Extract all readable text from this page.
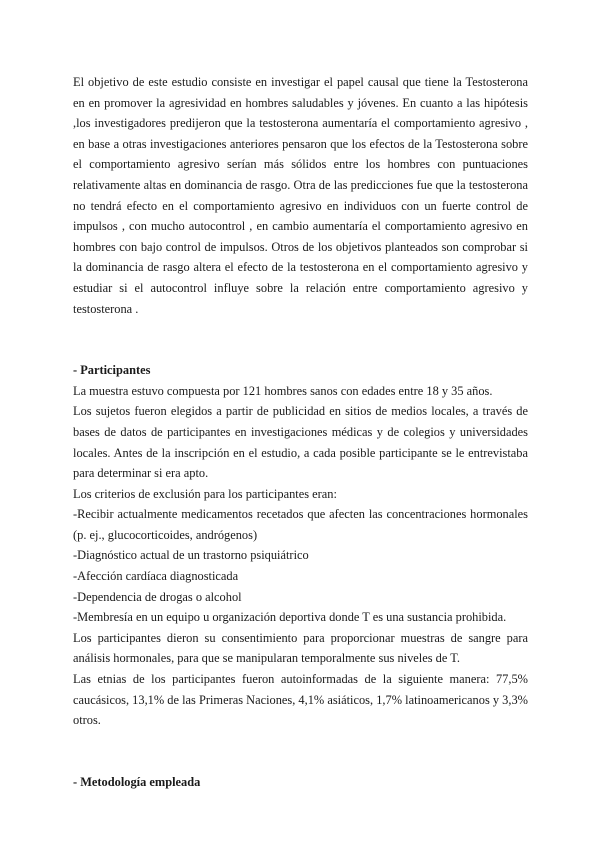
El objetivo de este estudio consiste en investigar el papel causal que tiene la Testosterona en en promover la agresividad en hombres saludables y jóvenes. En cuanto a las hipótesis ,los investigadores predijeron que la testosterona aumentaría el comportamiento agresivo , en base a otras investigaciones anteriores pensaron que los efectos de la Testosterona sobre el comportamiento agresivo serían más sólidos entre los hombres con puntuaciones relativamente altas en dominancia de rasgo. Otra de las predicciones fue que la testosterona no tendrá efecto en el comportamiento agresivo en individuos con un fuerte control de impulsos , con mucho autocontrol , en cambio aumentaría el comportamiento agresivo en hombres con bajo control de impulsos. Otros de los objetivos planteados son comprobar si la dominancia de rasgo altera el efecto de la testosterona en el comportamiento agresivo y estudiar si el autocontrol influye sobre la relación entre comportamiento agresivo y testosterona .

- Participantes

La muestra estuvo compuesta por 121 hombres sanos con edades entre 18 y 35 años.

Los sujetos fueron elegidos a partir de publicidad en sitios de medios locales, a través de bases de datos de participantes en investigaciones médicas y de colegios y universidades locales. Antes de la inscripción en el estudio, a cada posible participante se le entrevistaba para determinar si era apto.

Los criterios de exclusión para los participantes eran:

-Recibir actualmente medicamentos recetados que afecten las concentraciones hormonales (p. ej., glucocorticoides, andrógenos)

-Diagnóstico actual de un trastorno psiquiátrico

-Afección cardíaca diagnosticada

-Dependencia de drogas o alcohol

-Membresía en un equipo u organización deportiva donde T es una sustancia prohibida.

Los participantes dieron su consentimiento para proporcionar muestras de sangre para análisis hormonales, para que se manipularan temporalmente sus niveles de T.

Las etnias de los participantes fueron autoinformadas de la siguiente manera: 77,5% caucásicos, 13,1% de las Primeras Naciones, 4,1% asiáticos, 1,7% latinoamericanos y 3,3% otros.

- Metodología empleada
